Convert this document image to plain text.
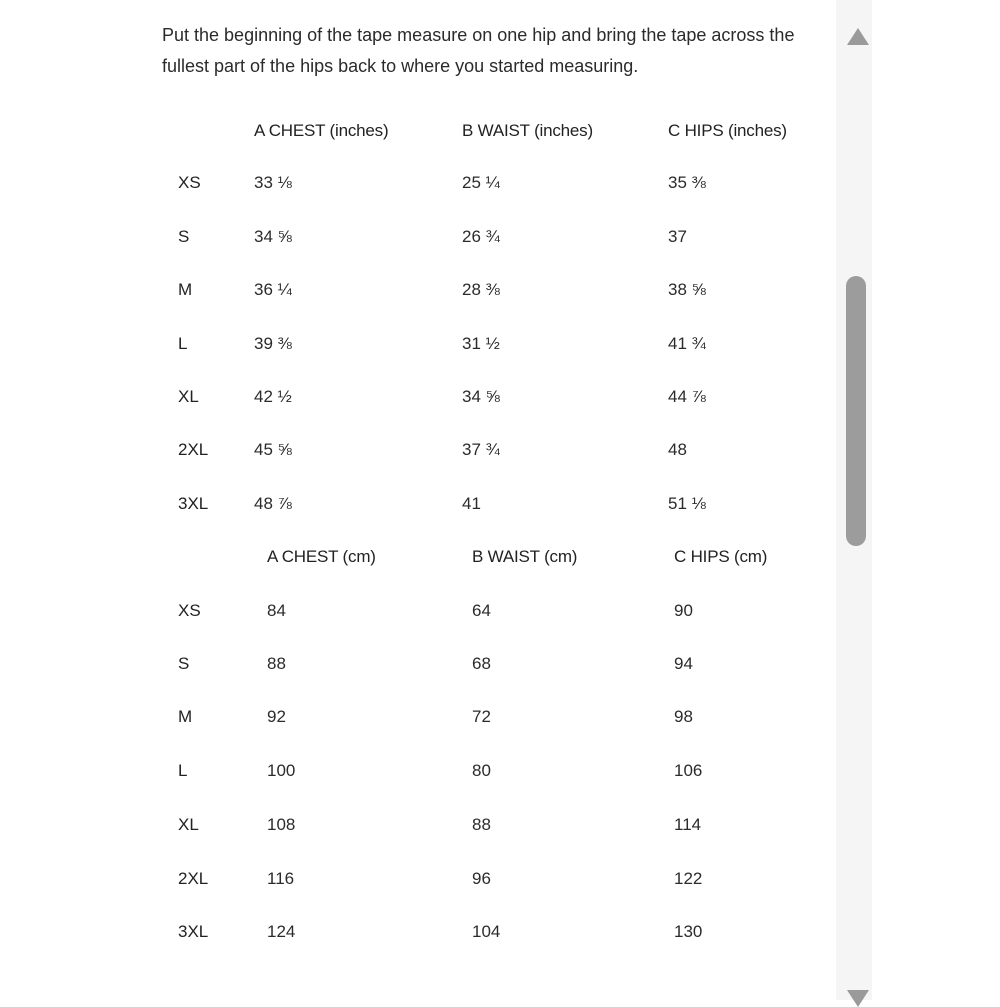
Put the beginning of the tape measure on one hip and bring the tape across the fullest part of the hips back to where you started measuring.

A CHEST (inches)	B WAIST (inches)	C HIPS (inches)
XS	33 ⅛	25 ¼	35 ⅜
S	34 ⅝	26 ¾	37
M	36 ¼	28 ⅜	38 ⅝
L	39 ⅜	31 ½	41 ¾
XL	42 ½	34 ⅝	44 ⅞
2XL	45 ⅝	37 ¾	48
3XL	48 ⅞	41	51 ⅛
A CHEST (cm)	B WAIST (cm)	C HIPS (cm)
XS	84	64	90
S	88	68	94
M	92	72	98
L	100	80	106
XL	108	88	114
2XL	116	96	122
3XL	124	104	130
